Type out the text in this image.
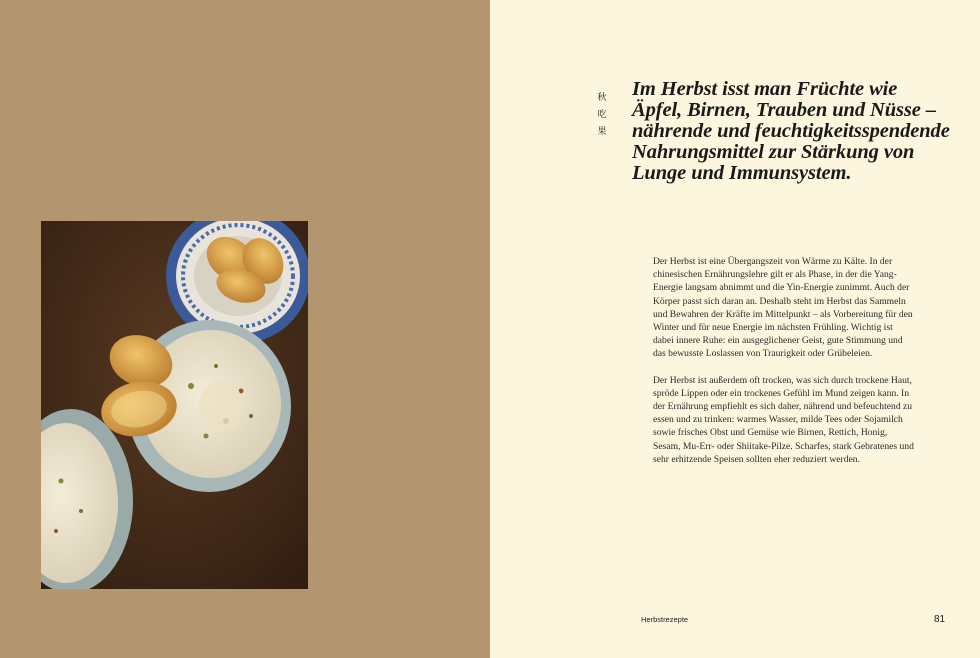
秋
吃
果
Im Herbst isst man Früchte wie Äpfel, Birnen, Trauben und Nüsse – nährende und feuchtigkeitsspendende Nahrungsmittel zur Stärkung von Lunge und Immunsystem.

Der Herbst ist eine Übergangszeit von Wärme zu Kälte. In der chinesischen Ernährungslehre gilt er als Phase, in der die Yang-Energie langsam abnimmt und die Yin-Energie zunimmt. Auch der Körper passt sich daran an. Deshalb steht im Herbst das Sammeln und Bewahren der Kräfte im Mittelpunkt – als Vorbereitung für den Winter und für neue Energie im nächsten Frühling. Wichtig ist dabei innere Ruhe: ein ausgeglichener Geist, gute Stimmung und das bewusste Loslassen von Traurigkeit oder Grübeleien.

Der Herbst ist außerdem oft trocken, was sich durch trockene Haut, spröde Lippen oder ein trockenes Gefühl im Mund zeigen kann. In der Ernährung empfiehlt es sich daher, nährend und befeuchtend zu essen und zu trinken: warmes Wasser, milde Tees oder Sojamilch sowie frisches Obst und Gemüse wie Birnen, Rettich, Honig, Sesam, Mu-Err- oder Shiitake-Pilze. Scharfes, stark Gebratenes und sehr erhitzende Speisen sollten eher reduziert werden.

Herbstrezepte	81
